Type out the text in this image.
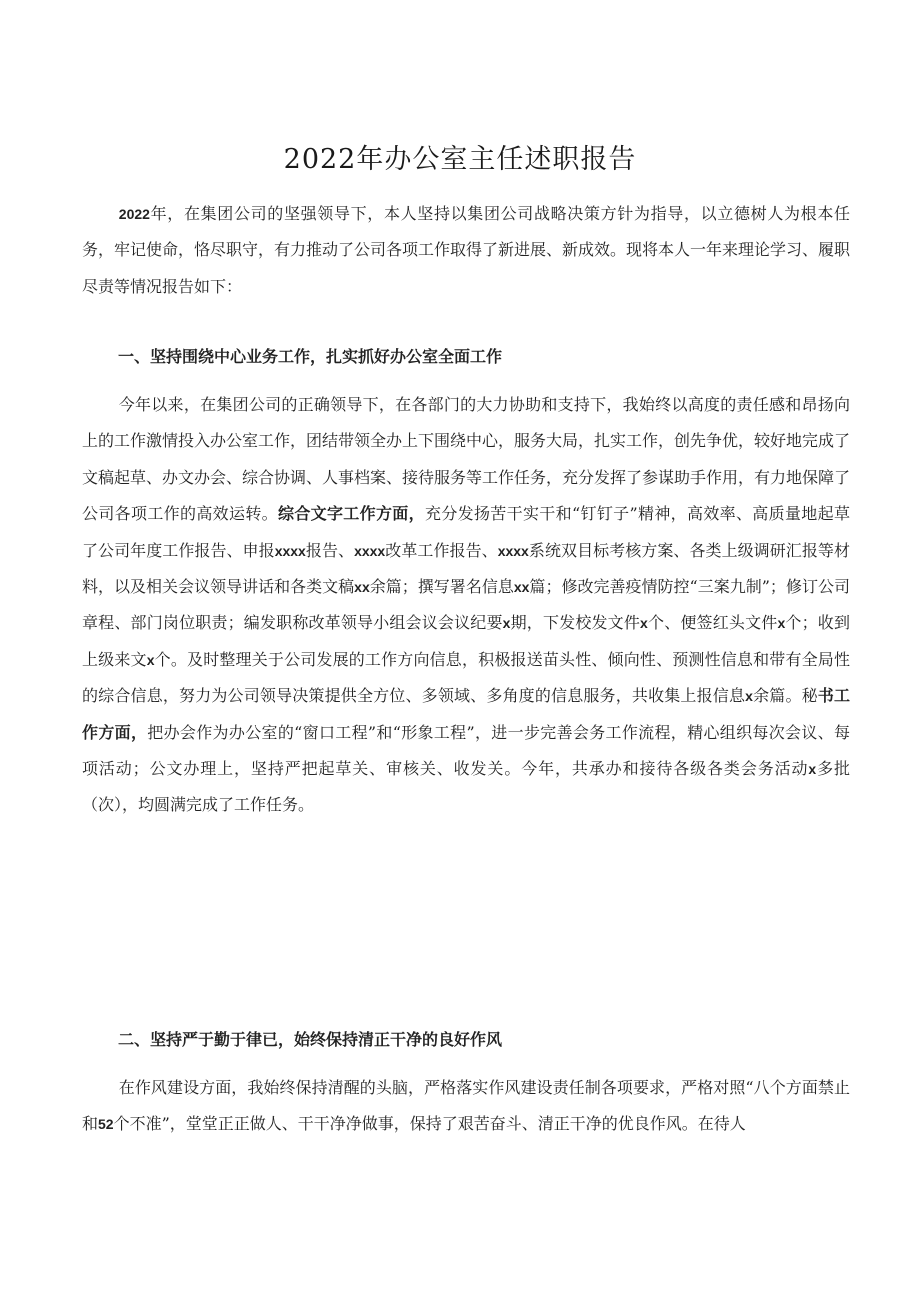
2022年办公室主任述职报告

2022年，在集团公司的坚强领导下，本人坚持以集团公司战略决策方针为指导，以立德树人为根本任务，牢记使命，恪尽职守，有力推动了公司各项工作取得了新进展、新成效。现将本人一年来理论学习、履职尽责等情况报告如下：

一、坚持围绕中心业务工作，扎实抓好办公室全面工作

今年以来，在集团公司的正确领导下，在各部门的大力协助和支持下，我始终以高度的责任感和昂扬向上的工作激情投入办公室工作，团结带领全办上下围绕中心，服务大局，扎实工作，创先争优，较好地完成了文稿起草、办文办会、综合协调、人事档案、接待服务等工作任务，充分发挥了参谋助手作用，有力地保障了公司各项工作的高效运转。综合文字工作方面，充分发扬苦干实干和“钉钉子”精神，高效率、高质量地起草了公司年度工作报告、申报xxxx报告、xxxx改革工作报告、xxxx系统双目标考核方案、各类上级调研汇报等材料，以及相关会议领导讲话和各类文稿xx余篇；撰写署名信息xx篇；修改完善疫情防控“三案九制”；修订公司章程、部门岗位职责；编发职称改革领导小组会议会议纪要x期，下发校发文件x个、便签红头文件x个；收到上级来文x个。及时整理关于公司发展的工作方向信息，积极报送苗头性、倾向性、预测性信息和带有全局性的综合信息，努力为公司领导决策提供全方位、多领域、多角度的信息服务，共收集上报信息x余篇。秘书工作方面，把办会作为办公室的“窗口工程”和“形象工程”，进一步完善会务工作流程，精心组织每次会议、每项活动；公文办理上，坚持严把起草关、审核关、收发关。今年，共承办和接待各级各类会务活动x多批（次），均圆满完成了工作任务。

二、坚持严于勤于律已，始终保持清正干净的良好作风

在作风建设方面，我始终保持清醒的头脑，严格落实作风建设责任制各项要求，严格对照“八个方面禁止和52个不准”，堂堂正正做人、干干净净做事，保持了艰苦奋斗、清正干净的优良作风。在待人
